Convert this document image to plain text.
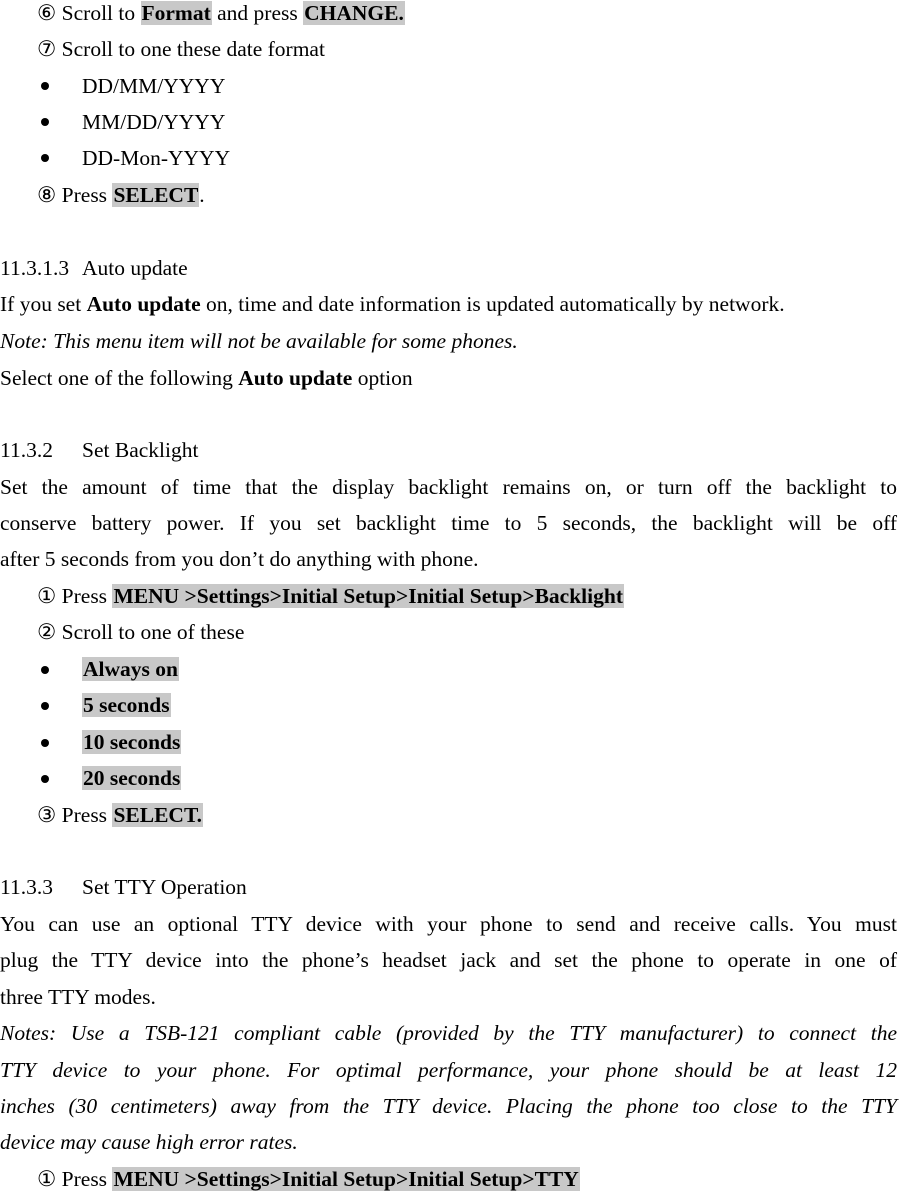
⑥ Scroll to Format and press CHANGE.
⑦ Scroll to one these date format
DD/MM/YYYY
MM/DD/YYYY
DD-Mon-YYYY
⑧ Press SELECT.
11.3.1.3 Auto update
If you set Auto update on, time and date information is updated automatically by network.
Note: This menu item will not be available for some phones.
Select one of the following Auto update option
11.3.2 Set Backlight
Set the amount of time that the display backlight remains on, or turn off the backlight to
conserve battery power. If you set backlight time to 5 seconds, the backlight will be off
after 5 seconds from you don’t do anything with phone.
① Press MENU >Settings>Initial Setup>Initial Setup>Backlight
② Scroll to one of these
Always on
5 seconds
10 seconds
20 seconds
③ Press SELECT.
11.3.3 Set TTY Operation
You can use an optional TTY device with your phone to send and receive calls. You must
plug the TTY device into the phone’s headset jack and set the phone to operate in one of
three TTY modes.
Notes: Use a TSB-121 compliant cable (provided by the TTY manufacturer) to connect the
TTY device to your phone. For optimal performance, your phone should be at least 12
inches (30 centimeters) away from the TTY device. Placing the phone too close to the TTY
device may cause high error rates.
① Press MENU >Settings>Initial Setup>Initial Setup>TTY
